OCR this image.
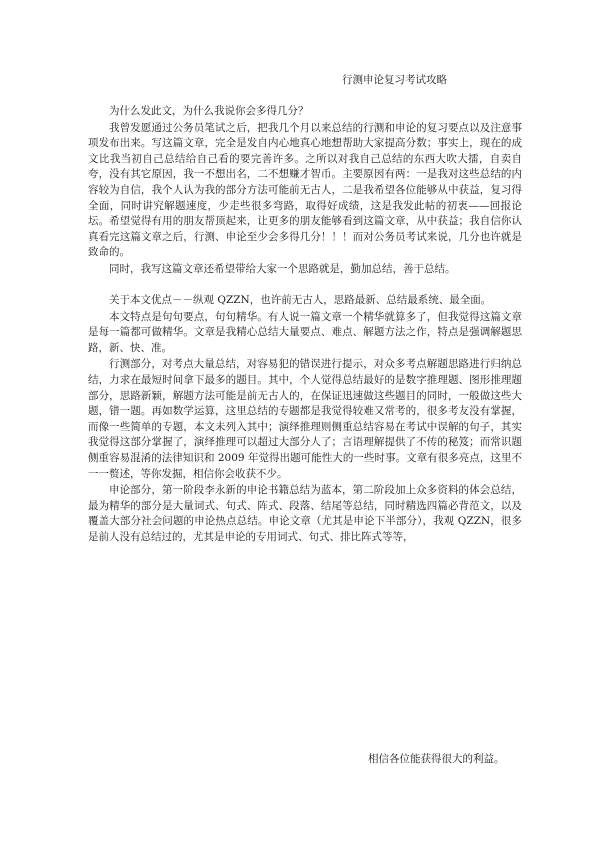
行测申论复习考试攻略

为什么发此文，为什么我说你会多得几分？

我曾发愿通过公务员笔试之后，把我几个月以来总结的行测和申论的复习要点以及注意事项发布出来。写这篇文章，完全是发自内心地真心地想帮助大家提高分数；事实上，现在的成文比我当初自己总结给自己看的要完善许多。之所以对我自己总结的东西大吹大擂，自卖自夸，没有其它原因，我一不想出名，二不想赚才智币。主要原因有两：一是我对这些总结的内容较为自信，我个人认为我的部分方法可能前无古人，二是我希望各位能够从中获益，复习得全面，同时讲究解题速度，少走些很多弯路，取得好成绩，这是我发此帖的初衷——回报论坛。希望觉得有用的朋友帮顶起来，让更多的朋友能够看到这篇文章，从中获益；我自信你认真看完这篇文章之后，行测、申论至少会多得几分！！！而对公务员考试来说，几分也许就是致命的。

同时，我写这篇文章还希望带给大家一个思路就是，勤加总结，善于总结。

关于本文优点－－纵观 QZZN，也许前无古人，思路最新、总结最系统、最全面。

本文特点是句句要点，句句精华。有人说一篇文章一个精华就算多了，但我觉得这篇文章是每一篇都可做精华。文章是我精心总结大量要点、难点、解题方法之作，特点是强调解题思路，新、快、准。

行测部分，对考点大量总结，对容易犯的错误进行提示，对众多考点解题思路进行归纳总结，力求在最短时间拿下最多的题目。其中，个人觉得总结最好的是数字推理题、图形推理题部分，思路新颖，解题方法可能是前无古人的，在保证迅速做这些题目的同时，一般做这些大题，错一题。再如数学运算，这里总结的专题都是我觉得较难又常考的，很多考友没有掌握，而像一些简单的专题，本文未列入其中；演绎推理则侧重总结容易在考试中误解的句子，其实我觉得这部分掌握了，演绎推理可以超过大部分人了；言语理解提供了不传的秘笈；而常识题侧重容易混淆的法律知识和 2009 年觉得出题可能性大的一些时事。文章有很多亮点，这里不一一赘述，等你发掘，相信你会收获不少。

申论部分，第一阶段李永新的申论书籍总结为蓝本，第二阶段加上众多资料的体会总结，最为精华的部分是大量词式、句式、阵式、段落、结尾等总结，同时精选四篇必背范文，以及覆盖大部分社会问题的申论热点总结。申论文章（尤其是申论下半部分），我观 QZZN，很多是前人没有总结过的，尤其是申论的专用词式、句式、排比阵式等等，

相信各位能获得很大的利益。
